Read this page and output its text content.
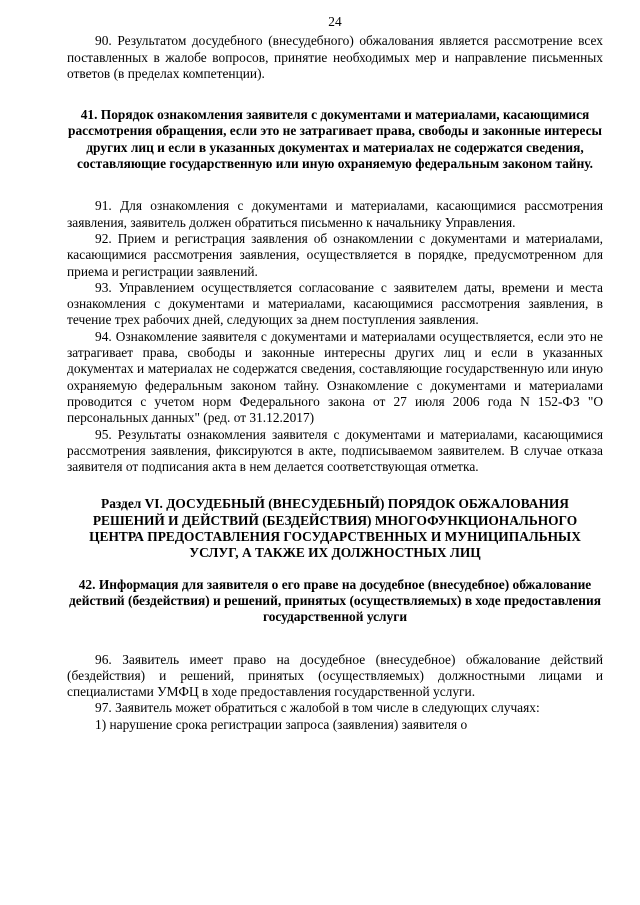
24

90. Результатом досудебного (внесудебного) обжалования является рассмотрение всех поставленных в жалобе вопросов, принятие необходимых мер и направление письменных ответов (в пределах компетенции).

41. Порядок ознакомления заявителя с документами и материалами, касающимися рассмотрения обращения, если это не затрагивает права, свободы и законные интересы других лиц и если в указанных документах и материалах не содержатся сведения, составляющие государственную или иную охраняемую федеральным законом тайну.

91. Для ознакомления с документами и материалами, касающимися рассмотрения заявления, заявитель должен обратиться письменно к начальнику Управления.

92. Прием и регистрация заявления об ознакомлении с документами и материалами, касающимися рассмотрения заявления, осуществляется в порядке, предусмотренном для приема и регистрации заявлений.

93. Управлением осуществляется согласование с заявителем даты, времени и места ознакомления с документами и материалами, касающимися рассмотрения заявления, в течение трех рабочих дней, следующих за днем поступления заявления.

94. Ознакомление заявителя с документами и материалами осуществляется, если это не затрагивает права, свободы и законные интересны других лиц и если в указанных документах и материалах не содержатся сведения, составляющие государственную или иную охраняемую федеральным законом тайну. Ознакомление с документами и материалами проводится с учетом норм Федерального закона от 27 июля 2006 года N 152-ФЗ "О персональных данных" (ред. от 31.12.2017)

95. Результаты ознакомления заявителя с документами и материалами, касающимися рассмотрения заявления, фиксируются в акте, подписываемом заявителем. В случае отказа заявителя от подписания акта в нем делается соответствующая отметка.

Раздел VI. ДОСУДЕБНЫЙ (ВНЕСУДЕБНЫЙ) ПОРЯДОК ОБЖАЛОВАНИЯ РЕШЕНИЙ И ДЕЙСТВИЙ (БЕЗДЕЙСТВИЯ) МНОГОФУНКЦИОНАЛЬНОГО ЦЕНТРА ПРЕДОСТАВЛЕНИЯ ГОСУДАРСТВЕННЫХ И МУНИЦИПАЛЬНЫХ УСЛУГ, А ТАКЖЕ ИХ ДОЛЖНОСТНЫХ ЛИЦ
42. Информация для заявителя о его праве на досудебное (внесудебное) обжалование действий (бездействия) и решений, принятых (осуществляемых) в ходе предоставления государственной услуги

96. Заявитель имеет право на досудебное (внесудебное) обжалование действий (бездействия) и решений, принятых (осуществляемых) должностными лицами и специалистами УМФЦ в ходе предоставления государственной услуги.

97. Заявитель может обратиться с жалобой в том числе в следующих случаях:

1) нарушение срока регистрации запроса (заявления) заявителя о
